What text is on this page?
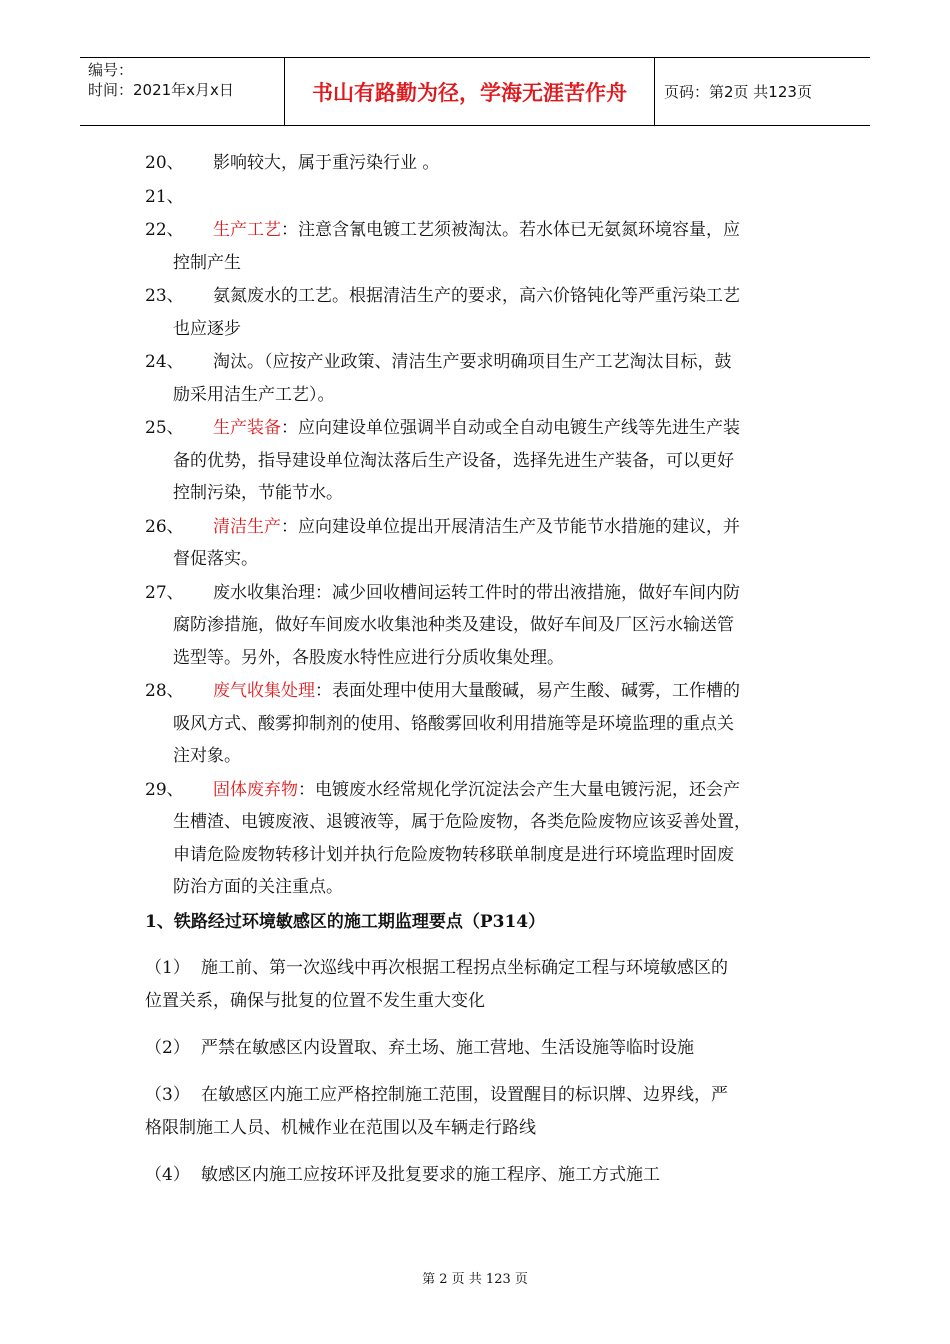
编号：
时间：2021年x月x日	书山有路勤为径，学海无涯苦作舟	页码：第2页 共123页
20、	影响较大，属于重污染行业 。
21、
22、	生产工艺：注意含氰电镀工艺须被淘汰。若水体已无氨氮环境容量，应
控制产生
23、	氨氮废水的工艺。根据清洁生产的要求，高六价铬钝化等严重污染工艺
也应逐步
24、	淘汰。（应按产业政策、清洁生产要求明确项目生产工艺淘汰目标，鼓
励采用洁生产工艺）。
25、	生产装备：应向建设单位强调半自动或全自动电镀生产线等先进生产装
备的优势，指导建设单位淘汰落后生产设备，选择先进生产装备，可以更好
控制污染，节能节水。
26、	清洁生产：应向建设单位提出开展清洁生产及节能节水措施的建议，并
督促落实。
27、	废水收集治理：减少回收槽间运转工件时的带出液措施，做好车间内防
腐防渗措施，做好车间废水收集池种类及建设，做好车间及厂区污水输送管
选型等。另外，各股废水特性应进行分质收集处理。
28、	废气收集处理：表面处理中使用大量酸碱，易产生酸、碱雾，工作槽的
吸风方式、酸雾抑制剂的使用、铬酸雾回收利用措施等是环境监理的重点关
注对象。
29、	固体废弃物：电镀废水经常规化学沉淀法会产生大量电镀污泥，还会产
生槽渣、电镀废液、退镀液等，属于危险废物，各类危险废物应该妥善处置，
申请危险废物转移计划并执行危险废物转移联单制度是进行环境监理时固废
防治方面的关注重点。
1、铁路经过环境敏感区的施工期监理要点（P314）
（1） 施工前、第一次巡线中再次根据工程拐点坐标确定工程与环境敏感区的
位置关系，确保与批复的位置不发生重大变化
（2） 严禁在敏感区内设置取、弃土场、施工营地、生活设施等临时设施
（3） 在敏感区内施工应严格控制施工范围，设置醒目的标识牌、边界线，严
格限制施工人员、机械作业在范围以及车辆走行路线
（4） 敏感区内施工应按环评及批复要求的施工程序、施工方式施工
第 2 页 共 123 页
